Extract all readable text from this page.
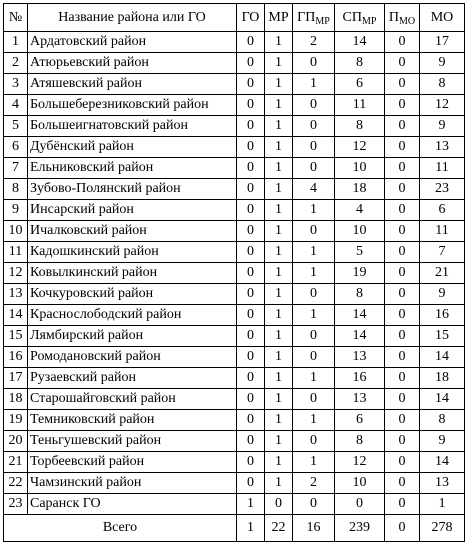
№	Название района или ГО	ГО	МР	$ГП_{МР}$	$СП_{МР}$	$П_{МО}$	МО
1	Ардатовский район	0	1	2	14	0	17
2	Атюрьевский район	0	1	0	8	0	9
3	Атяшевский район	0	1	1	6	0	8
4	Большеберезниковский район	0	1	0	11	0	12
5	Большеигнатовский район	0	1	0	8	0	9
6	Дубёнский район	0	1	0	12	0	13
7	Ельниковский район	0	1	0	10	0	11
8	Зубово-Полянский район	0	1	4	18	0	23
9	Инсарский район	0	1	1	4	0	6
10	Ичалковский район	0	1	0	10	0	11
11	Кадошкинский район	0	1	1	5	0	7
12	Ковылкинский район	0	1	1	19	0	21
13	Кочкуровский район	0	1	0	8	0	9
14	Краснослободский район	0	1	1	14	0	16
15	Лямбирский район	0	1	0	14	0	15
16	Ромодановский район	0	1	0	13	0	14
17	Рузаевский район	0	1	1	16	0	18
18	Старошайговский район	0	1	0	13	0	14
19	Темниковский район	0	1	1	6	0	8
20	Теньгушевский район	0	1	0	8	0	9
21	Торбеевский район	0	1	1	12	0	14
22	Чамзинский район	0	1	2	10	0	13
23	Саранск ГО	1	0	0	0	0	1
Всего		1	22	16	239	0	278
